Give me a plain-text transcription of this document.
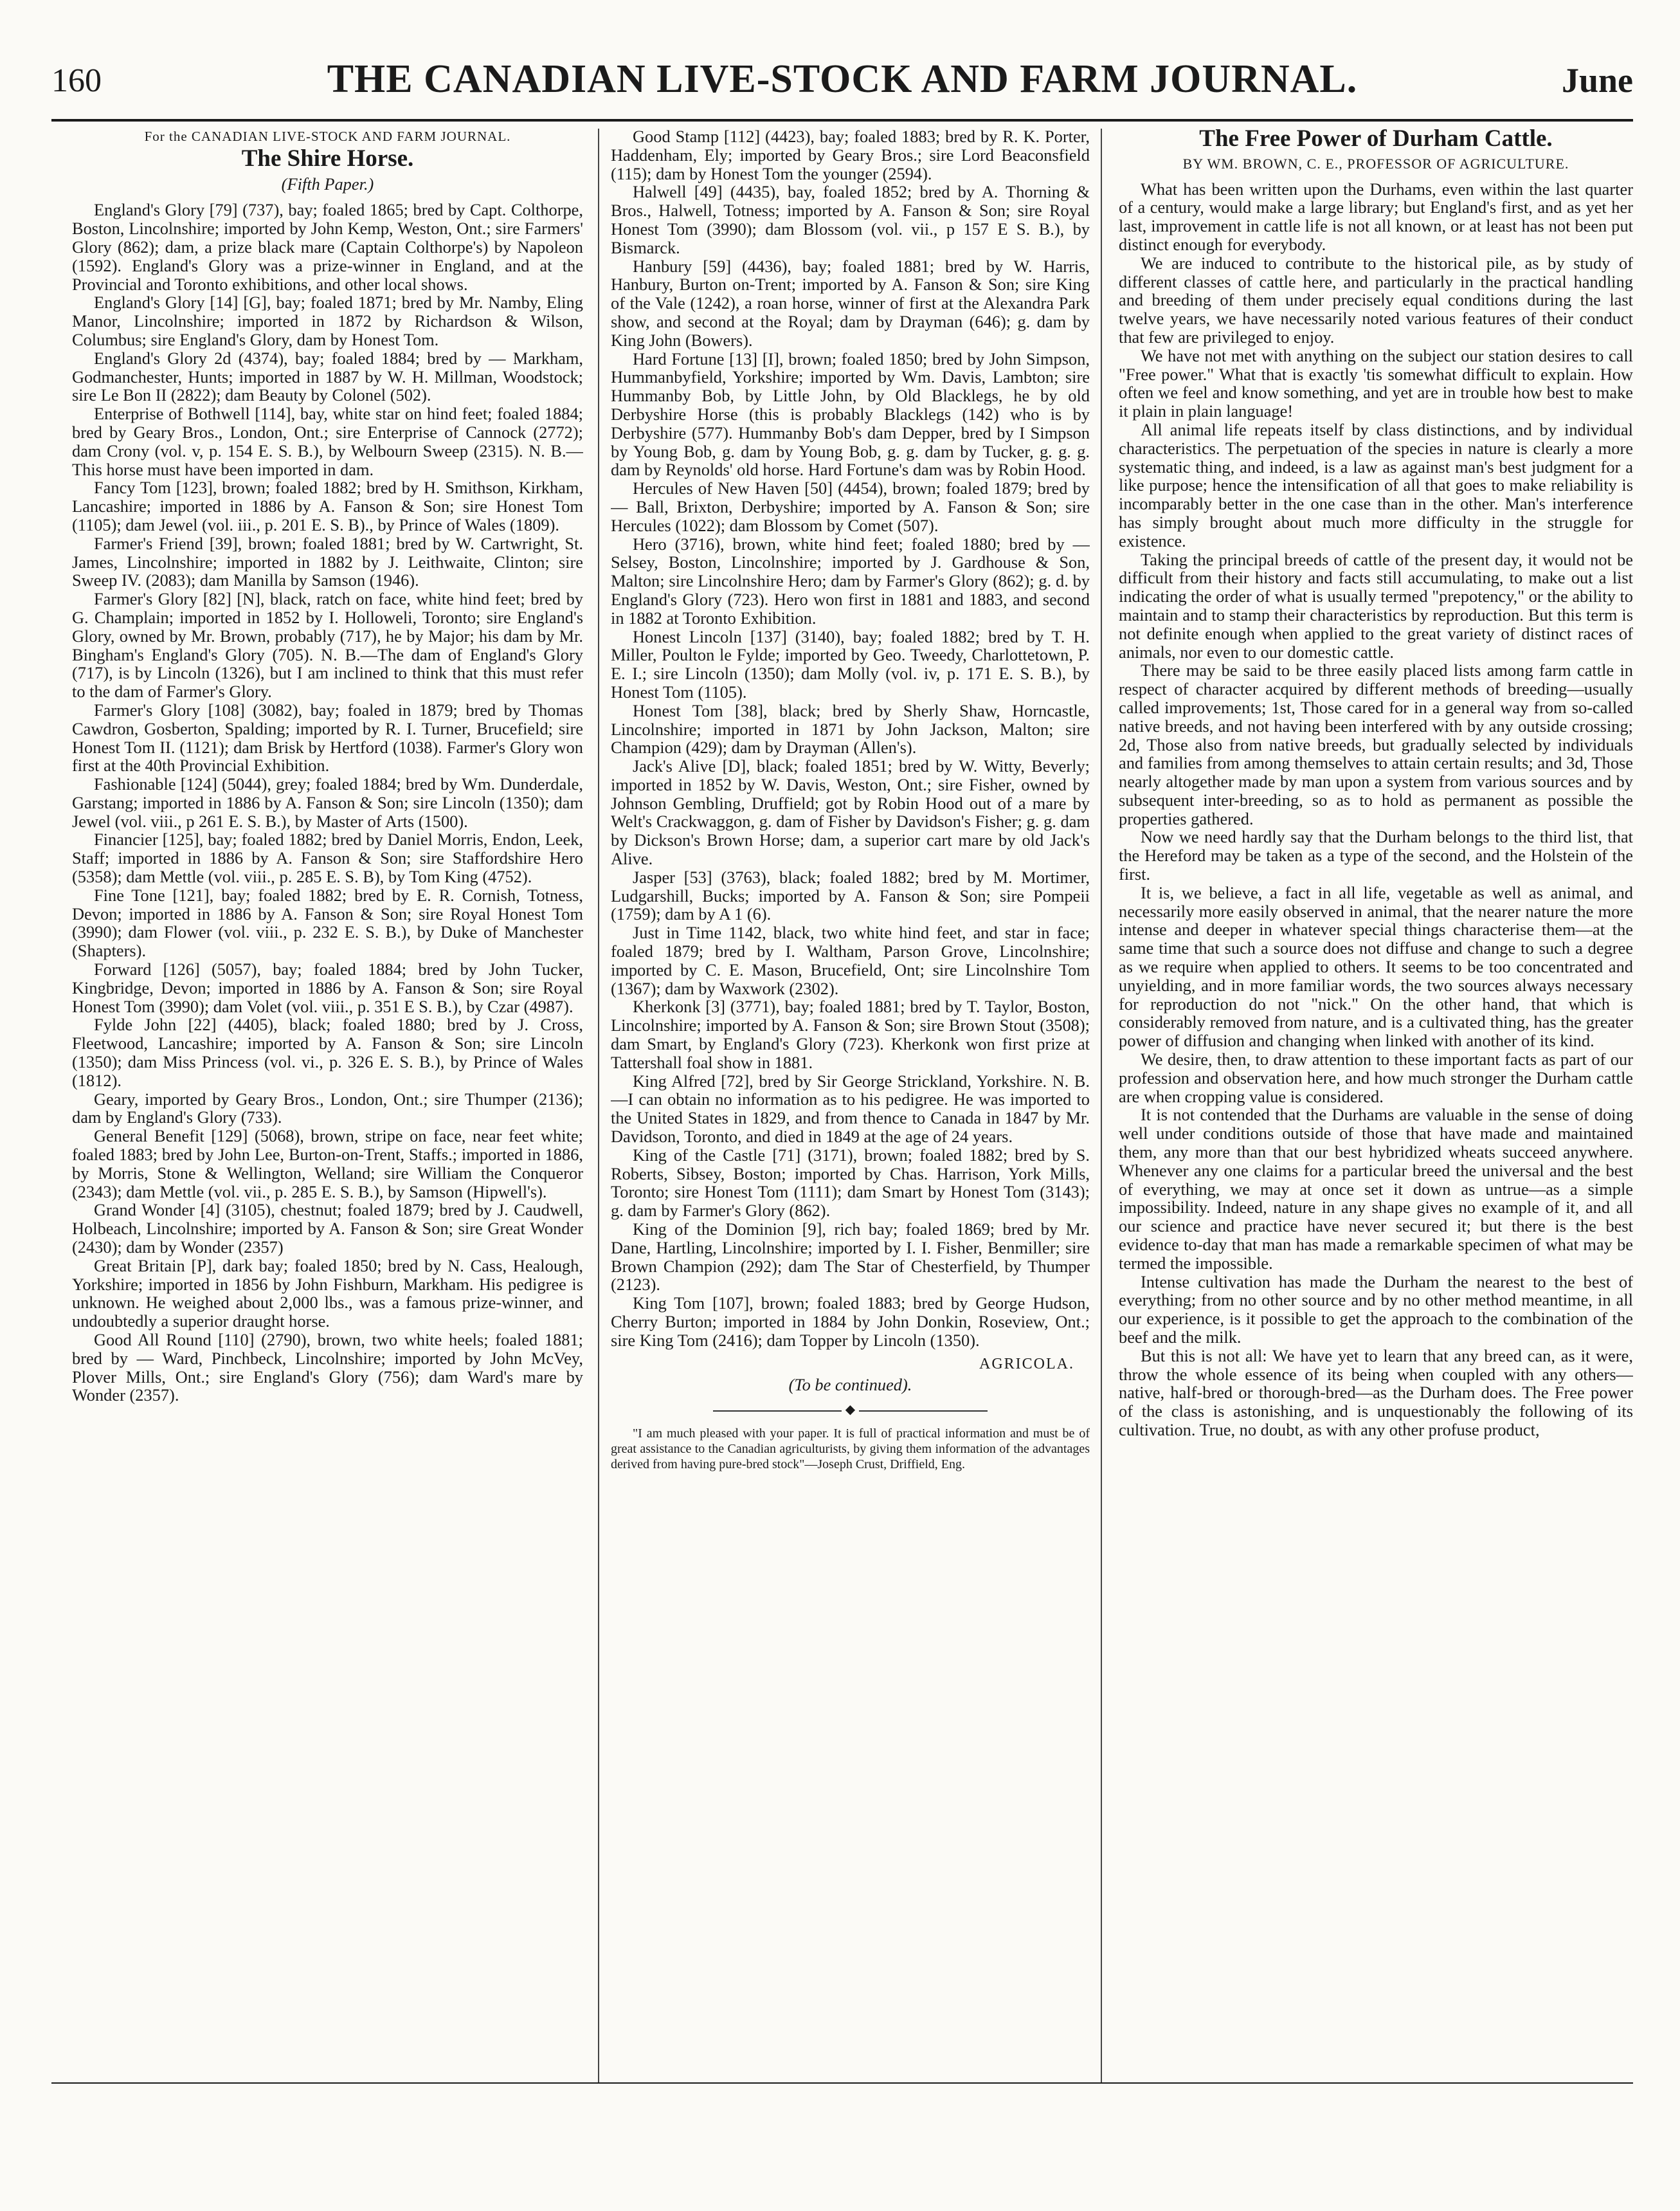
160	THE CANADIAN LIVE-STOCK AND FARM JOURNAL.	June
For the CANADIAN LIVE-STOCK AND FARM JOURNAL.
The Shire Horse.
(Fifth Paper.)

England's Glory [79] (737), bay; foaled 1865; bred by Capt. Colthorpe, Boston, Lincolnshire; imported by John Kemp, Weston, Ont.; sire Farmers' Glory (862); dam, a prize black mare (Captain Colthorpe's) by Napoleon (1592). England's Glory was a prize-winner in England, and at the Provincial and Toronto exhibitions, and other local shows.

England's Glory [14] [G], bay; foaled 1871; bred by Mr. Namby, Eling Manor, Lincolnshire; imported in 1872 by Richardson & Wilson, Columbus; sire England's Glory, dam by Honest Tom.

England's Glory 2d (4374), bay; foaled 1884; bred by — Markham, Godmanchester, Hunts; imported in 1887 by W. H. Millman, Woodstock; sire Le Bon II (2822); dam Beauty by Colonel (502).

Enterprise of Bothwell [114], bay, white star on hind feet; foaled 1884; bred by Geary Bros., London, Ont.; sire Enterprise of Cannock (2772); dam Crony (vol. v, p. 154 E. S. B.), by Welbourn Sweep (2315). N. B.—This horse must have been imported in dam.

Fancy Tom [123], brown; foaled 1882; bred by H. Smithson, Kirkham, Lancashire; imported in 1886 by A. Fanson & Son; sire Honest Tom (1105); dam Jewel (vol. iii., p. 201 E. S. B)., by Prince of Wales (1809).

Farmer's Friend [39], brown; foaled 1881; bred by W. Cartwright, St. James, Lincolnshire; imported in 1882 by J. Leithwaite, Clinton; sire Sweep IV. (2083); dam Manilla by Samson (1946).

Farmer's Glory [82] [N], black, ratch on face, white hind feet; bred by G. Champlain; imported in 1852 by I. Holloweli, Toronto; sire England's Glory, owned by Mr. Brown, probably (717), he by Major; his dam by Mr. Bingham's England's Glory (705). N. B.—The dam of England's Glory (717), is by Lincoln (1326), but I am inclined to think that this must refer to the dam of Farmer's Glory.

Farmer's Glory [108] (3082), bay; foaled in 1879; bred by Thomas Cawdron, Gosberton, Spalding; imported by R. I. Turner, Brucefield; sire Honest Tom II. (1121); dam Brisk by Hertford (1038). Farmer's Glory won first at the 40th Provincial Exhibition.

Fashionable [124] (5044), grey; foaled 1884; bred by Wm. Dunderdale, Garstang; imported in 1886 by A. Fanson & Son; sire Lincoln (1350); dam Jewel (vol. viii., p 261 E. S. B.), by Master of Arts (1500).

Financier [125], bay; foaled 1882; bred by Daniel Morris, Endon, Leek, Staff; imported in 1886 by A. Fanson & Son; sire Staffordshire Hero (5358); dam Mettle (vol. viii., p. 285 E. S. B), by Tom King (4752).

Fine Tone [121], bay; foaled 1882; bred by E. R. Cornish, Totness, Devon; imported in 1886 by A. Fanson & Son; sire Royal Honest Tom (3990); dam Flower (vol. viii., p. 232 E. S. B.), by Duke of Manchester (Shapters).

Forward [126] (5057), bay; foaled 1884; bred by John Tucker, Kingbridge, Devon; imported in 1886 by A. Fanson & Son; sire Royal Honest Tom (3990); dam Volet (vol. viii., p. 351 E S. B.), by Czar (4987).

Fylde John [22] (4405), black; foaled 1880; bred by J. Cross, Fleetwood, Lancashire; imported by A. Fanson & Son; sire Lincoln (1350); dam Miss Princess (vol. vi., p. 326 E. S. B.), by Prince of Wales (1812).

Geary, imported by Geary Bros., London, Ont.; sire Thumper (2136); dam by England's Glory (733).

General Benefit [129] (5068), brown, stripe on face, near feet white; foaled 1883; bred by John Lee, Burton-on-Trent, Staffs.; imported in 1886, by Morris, Stone & Wellington, Welland; sire William the Conqueror (2343); dam Mettle (vol. vii., p. 285 E. S. B.), by Samson (Hipwell's).

Grand Wonder [4] (3105), chestnut; foaled 1879; bred by J. Caudwell, Holbeach, Lincolnshire; imported by A. Fanson & Son; sire Great Wonder (2430); dam by Wonder (2357)

Great Britain [P], dark bay; foaled 1850; bred by N. Cass, Healough, Yorkshire; imported in 1856 by John Fishburn, Markham. His pedigree is unknown. He weighed about 2,000 lbs., was a famous prize-winner, and undoubtedly a superior draught horse.

Good All Round [110] (2790), brown, two white heels; foaled 1881; bred by — Ward, Pinchbeck, Lincolnshire; imported by John McVey, Plover Mills, Ont.; sire England's Glory (756); dam Ward's mare by Wonder (2357).

Good Stamp [112] (4423), bay; foaled 1883; bred by R. K. Porter, Haddenham, Ely; imported by Geary Bros.; sire Lord Beaconsfield (115); dam by Honest Tom the younger (2594).

Halwell [49] (4435), bay, foaled 1852; bred by A. Thorning & Bros., Halwell, Totness; imported by A. Fanson & Son; sire Royal Honest Tom (3990); dam Blossom (vol. vii., p 157 E S. B.), by Bismarck.

Hanbury [59] (4436), bay; foaled 1881; bred by W. Harris, Hanbury, Burton on-Trent; imported by A. Fanson & Son; sire King of the Vale (1242), a roan horse, winner of first at the Alexandra Park show, and second at the Royal; dam by Drayman (646); g. dam by King John (Bowers).

Hard Fortune [13] [I], brown; foaled 1850; bred by John Simpson, Hummanbyfield, Yorkshire; imported by Wm. Davis, Lambton; sire Hummanby Bob, by Little John, by Old Blacklegs, he by old Derbyshire Horse (this is probably Blacklegs (142) who is by Derbyshire (577). Hummanby Bob's dam Depper, bred by I Simpson by Young Bob, g. dam by Young Bob, g. g. dam by Tucker, g. g. g. dam by Reynolds' old horse. Hard Fortune's dam was by Robin Hood.

Hercules of New Haven [50] (4454), brown; foaled 1879; bred by — Ball, Brixton, Derbyshire; imported by A. Fanson & Son; sire Hercules (1022); dam Blossom by Comet (507).

Hero (3716), brown, white hind feet; foaled 1880; bred by — Selsey, Boston, Lincolnshire; imported by J. Gardhouse & Son, Malton; sire Lincolnshire Hero; dam by Farmer's Glory (862); g. d. by England's Glory (723). Hero won first in 1881 and 1883, and second in 1882 at Toronto Exhibition.

Honest Lincoln [137] (3140), bay; foaled 1882; bred by T. H. Miller, Poulton le Fylde; imported by Geo. Tweedy, Charlottetown, P. E. I.; sire Lincoln (1350); dam Molly (vol. iv, p. 171 E. S. B.), by Honest Tom (1105).

Honest Tom [38], black; bred by Sherly Shaw, Horncastle, Lincolnshire; imported in 1871 by John Jackson, Malton; sire Champion (429); dam by Drayman (Allen's).

Jack's Alive [D], black; foaled 1851; bred by W. Witty, Beverly; imported in 1852 by W. Davis, Weston, Ont.; sire Fisher, owned by Johnson Gembling, Druffield; got by Robin Hood out of a mare by Welt's Crackwaggon, g. dam of Fisher by Davidson's Fisher; g. g. dam by Dickson's Brown Horse; dam, a superior cart mare by old Jack's Alive.

Jasper [53] (3763), black; foaled 1882; bred by M. Mortimer, Ludgarshill, Bucks; imported by A. Fanson & Son; sire Pompeii (1759); dam by A 1 (6).

Just in Time 1142, black, two white hind feet, and star in face; foaled 1879; bred by I. Waltham, Parson Grove, Lincolnshire; imported by C. E. Mason, Brucefield, Ont; sire Lincolnshire Tom (1367); dam by Waxwork (2302).

Kherkonk [3] (3771), bay; foaled 1881; bred by T. Taylor, Boston, Lincolnshire; imported by A. Fanson & Son; sire Brown Stout (3508); dam Smart, by England's Glory (723). Kherkonk won first prize at Tattershall foal show in 1881.

King Alfred [72], bred by Sir George Strickland, Yorkshire. N. B.—I can obtain no information as to his pedigree. He was imported to the United States in 1829, and from thence to Canada in 1847 by Mr. Davidson, Toronto, and died in 1849 at the age of 24 years.

King of the Castle [71] (3171), brown; foaled 1882; bred by S. Roberts, Sibsey, Boston; imported by Chas. Harrison, York Mills, Toronto; sire Honest Tom (1111); dam Smart by Honest Tom (3143); g. dam by Farmer's Glory (862).

King of the Dominion [9], rich bay; foaled 1869; bred by Mr. Dane, Hartling, Lincolnshire; imported by I. I. Fisher, Benmiller; sire Brown Champion (292); dam The Star of Chesterfield, by Thumper (2123).

King Tom [107], brown; foaled 1883; bred by George Hudson, Cherry Burton; imported in 1884 by John Donkin, Roseview, Ont.; sire King Tom (2416); dam Topper by Lincoln (1350).

AGRICOLA.
(To be continued).
◆

"I am much pleased with your paper. It is full of practical information and must be of great assistance to the Canadian agriculturists, by giving them information of the advantages derived from having pure-bred stock"—Joseph Crust, Driffield, Eng.

The Free Power of Durham Cattle.
BY WM. BROWN, C. E., PROFESSOR OF AGRICULTURE.

What has been written upon the Durhams, even within the last quarter of a century, would make a large library; but England's first, and as yet her last, improvement in cattle life is not all known, or at least has not been put distinct enough for everybody.

We are induced to contribute to the historical pile, as by study of different classes of cattle here, and particularly in the practical handling and breeding of them under precisely equal conditions during the last twelve years, we have necessarily noted various features of their conduct that few are privileged to enjoy.

We have not met with anything on the subject our station desires to call "Free power." What that is exactly 'tis somewhat difficult to explain. How often we feel and know something, and yet are in trouble how best to make it plain in plain language!

All animal life repeats itself by class distinctions, and by individual characteristics. The perpetuation of the species in nature is clearly a more systematic thing, and indeed, is a law as against man's best judgment for a like purpose; hence the intensification of all that goes to make reliability is incomparably better in the one case than in the other. Man's interference has simply brought about much more difficulty in the struggle for existence.

Taking the principal breeds of cattle of the present day, it would not be difficult from their history and facts still accumulating, to make out a list indicating the order of what is usually termed "prepotency," or the ability to maintain and to stamp their characteristics by reproduction. But this term is not definite enough when applied to the great variety of distinct races of animals, nor even to our domestic cattle.

There may be said to be three easily placed lists among farm cattle in respect of character acquired by different methods of breeding—usually called improvements; 1st, Those cared for in a general way from so-called native breeds, and not having been interfered with by any outside crossing; 2d, Those also from native breeds, but gradually selected by individuals and families from among themselves to attain certain results; and 3d, Those nearly altogether made by man upon a system from various sources and by subsequent inter-breeding, so as to hold as permanent as possible the properties gathered.

Now we need hardly say that the Durham belongs to the third list, that the Hereford may be taken as a type of the second, and the Holstein of the first.

It is, we believe, a fact in all life, vegetable as well as animal, and necessarily more easily observed in animal, that the nearer nature the more intense and deeper in whatever special things characterise them—at the same time that such a source does not diffuse and change to such a degree as we require when applied to others. It seems to be too concentrated and unyielding, and in more familiar words, the two sources always necessary for reproduction do not "nick." On the other hand, that which is considerably removed from nature, and is a cultivated thing, has the greater power of diffusion and changing when linked with another of its kind.

We desire, then, to draw attention to these important facts as part of our profession and observation here, and how much stronger the Durham cattle are when cropping value is considered.

It is not contended that the Durhams are valuable in the sense of doing well under conditions outside of those that have made and maintained them, any more than that our best hybridized wheats succeed anywhere. Whenever any one claims for a particular breed the universal and the best of everything, we may at once set it down as untrue—as a simple impossibility. Indeed, nature in any shape gives no example of it, and all our science and practice have never secured it; but there is the best evidence to-day that man has made a remarkable specimen of what may be termed the impossible.

Intense cultivation has made the Durham the nearest to the best of everything; from no other source and by no other method meantime, in all our experience, is it possible to get the approach to the combination of the beef and the milk.

But this is not all: We have yet to learn that any breed can, as it were, throw the whole essence of its being when coupled with any others—native, half-bred or thorough-bred—as the Durham does. The Free power of the class is astonishing, and is unquestionably the following of its cultivation. True, no doubt, as with any other profuse product,
